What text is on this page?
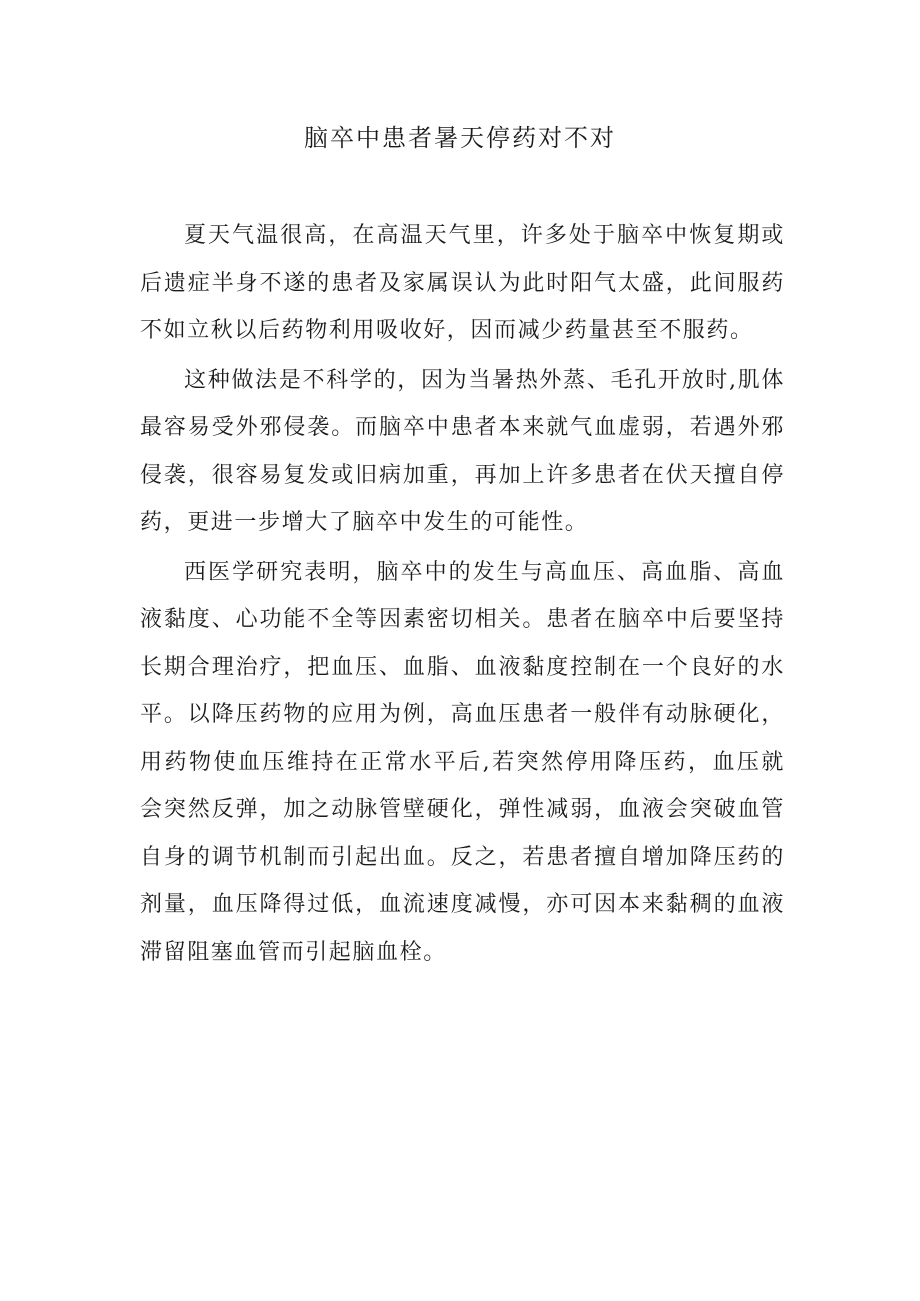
脑卒中患者暑天停药对不对

夏天气温很高，在高温天气里，许多处于脑卒中恢复期或后遗症半身不遂的患者及家属误认为此时阳气太盛，此间服药不如立秋以后药物利用吸收好，因而减少药量甚至不服药。

这种做法是不科学的，因为当暑热外蒸、毛孔开放时,肌体最容易受外邪侵袭。而脑卒中患者本来就气血虚弱，若遇外邪侵袭，很容易复发或旧病加重，再加上许多患者在伏天擅自停药，更进一步增大了脑卒中发生的可能性。

西医学研究表明，脑卒中的发生与高血压、高血脂、高血液黏度、心功能不全等因素密切相关。患者在脑卒中后要坚持长期合理治疗，把血压、血脂、血液黏度控制在一个良好的水平。以降压药物的应用为例，高血压患者一般伴有动脉硬化，用药物使血压维持在正常水平后,若突然停用降压药，血压就会突然反弹，加之动脉管壁硬化，弹性减弱，血液会突破血管自身的调节机制而引起出血。反之，若患者擅自增加降压药的剂量，血压降得过低，血流速度减慢，亦可因本来黏稠的血液滞留阻塞血管而引起脑血栓。
